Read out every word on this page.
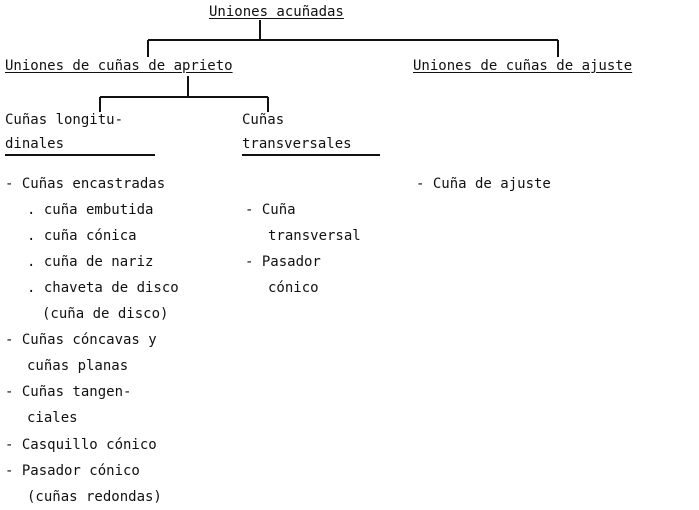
Uniones acuñadas
Uniones de cuñas de aprieto	Uniones de cuñas de ajuste
Cuñas longitu-
dinales
Cuñas
transversales
- Cuñas encastradas
. cuña embutida
. cuña cónica
. cuña de nariz
. chaveta de disco
(cuña de disco)
- Cuñas cóncavas y
cuñas planas
- Cuñas tangen-
ciales
- Casquillo cónico
- Pasador cónico
(cuñas redondas)
- Cuña
transversal
- Pasador
cónico
- Cuña de ajuste
